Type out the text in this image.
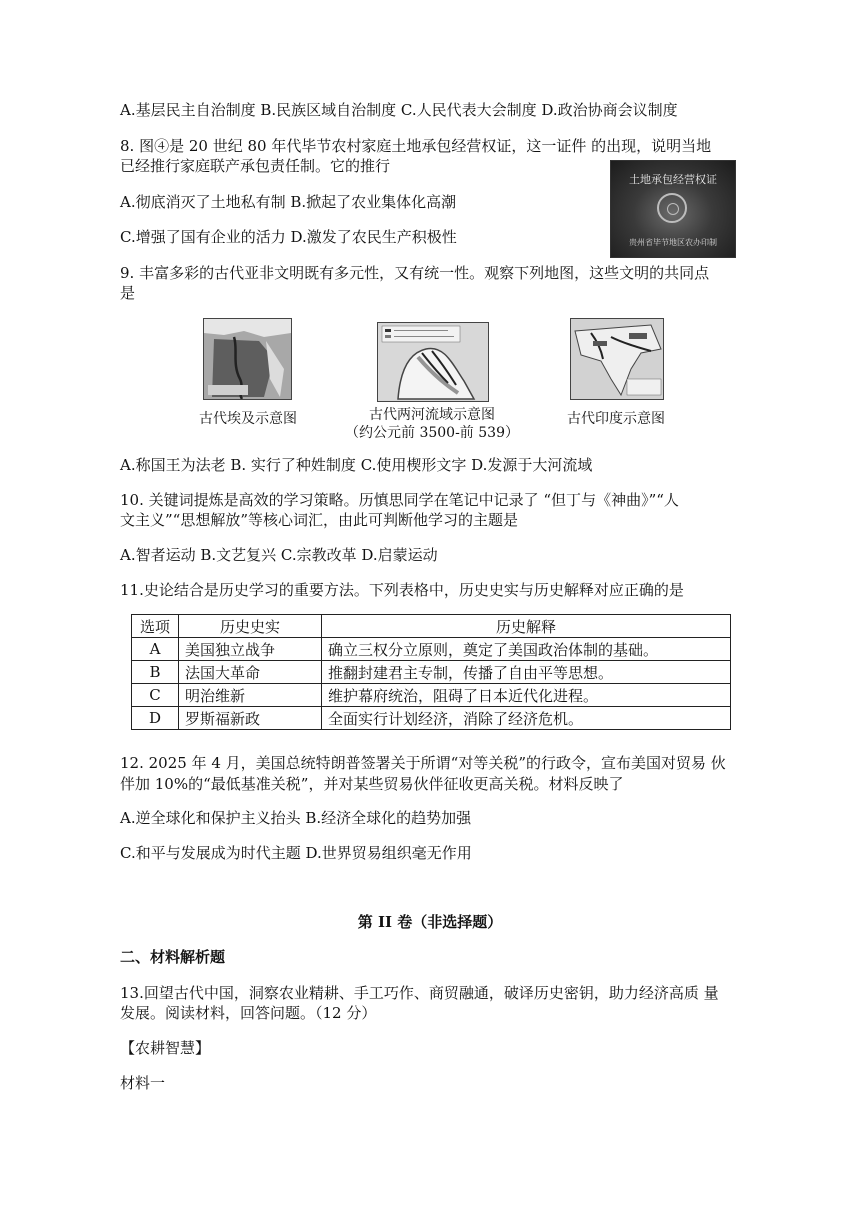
A.基层民主自治制度 B.民族区域自治制度 C.人民代表大会制度 D.政治协商会议制度
8. 图④是 20 世纪 80 年代毕节农村家庭土地承包经营权证，这一证件 的出现，说明当地
已经推行家庭联产承包责任制。它的推行
A.彻底消灭了土地私有制 B.掀起了农业集体化高潮
C.增强了国有企业的活力 D.激发了农民生产积极性
土地承包经营权证
贵州省毕节地区农办印制
9. 丰富多彩的古代亚非文明既有多元性，又有统一性。观察下列地图，这些文明的共同点
是
古代埃及示意图	古代两河流域示意图
（约公元前 3500-前 539）
古代印度示意图
A.称国王为法老 B. 实行了种姓制度 C.使用楔形文字 D.发源于大河流域
10. 关键词提炼是高效的学习策略。历慎思同学在笔记中记录了 “但丁与《神曲》”“人
文主义”“思想解放”等核心词汇，由此可判断他学习的主题是
A.智者运动 B.文艺复兴 C.宗教改革 D.启蒙运动
11.史论结合是历史学习的重要方法。下列表格中，历史史实与历史解释对应正确的是
选项	历史史实	历史解释
A	美国独立战争	确立三权分立原则，奠定了美国政治体制的基础。
B	法国大革命	推翻封建君主专制，传播了自由平等思想。
C	明治维新	维护幕府统治，阻碍了日本近代化进程。
D	罗斯福新政	全面实行计划经济，消除了经济危机。
12. 2025 年 4 月，美国总统特朗普签署关于所谓“对等关税”的行政令，宣布美国对贸易 伙
伴加 10%的“最低基准关税”，并对某些贸易伙伴征收更高关税。材料反映了
A.逆全球化和保护主义抬头 B.经济全球化的趋势加强
C.和平与发展成为时代主题 D.世界贸易组织毫无作用
第 II 卷（非选择题）
二、材料解析题
13.回望古代中国，洞察农业精耕、手工巧作、商贸融通，破译历史密钥，助力经济高质 量
发展。阅读材料，回答问题。（12 分）
【农耕智慧】
材料一
